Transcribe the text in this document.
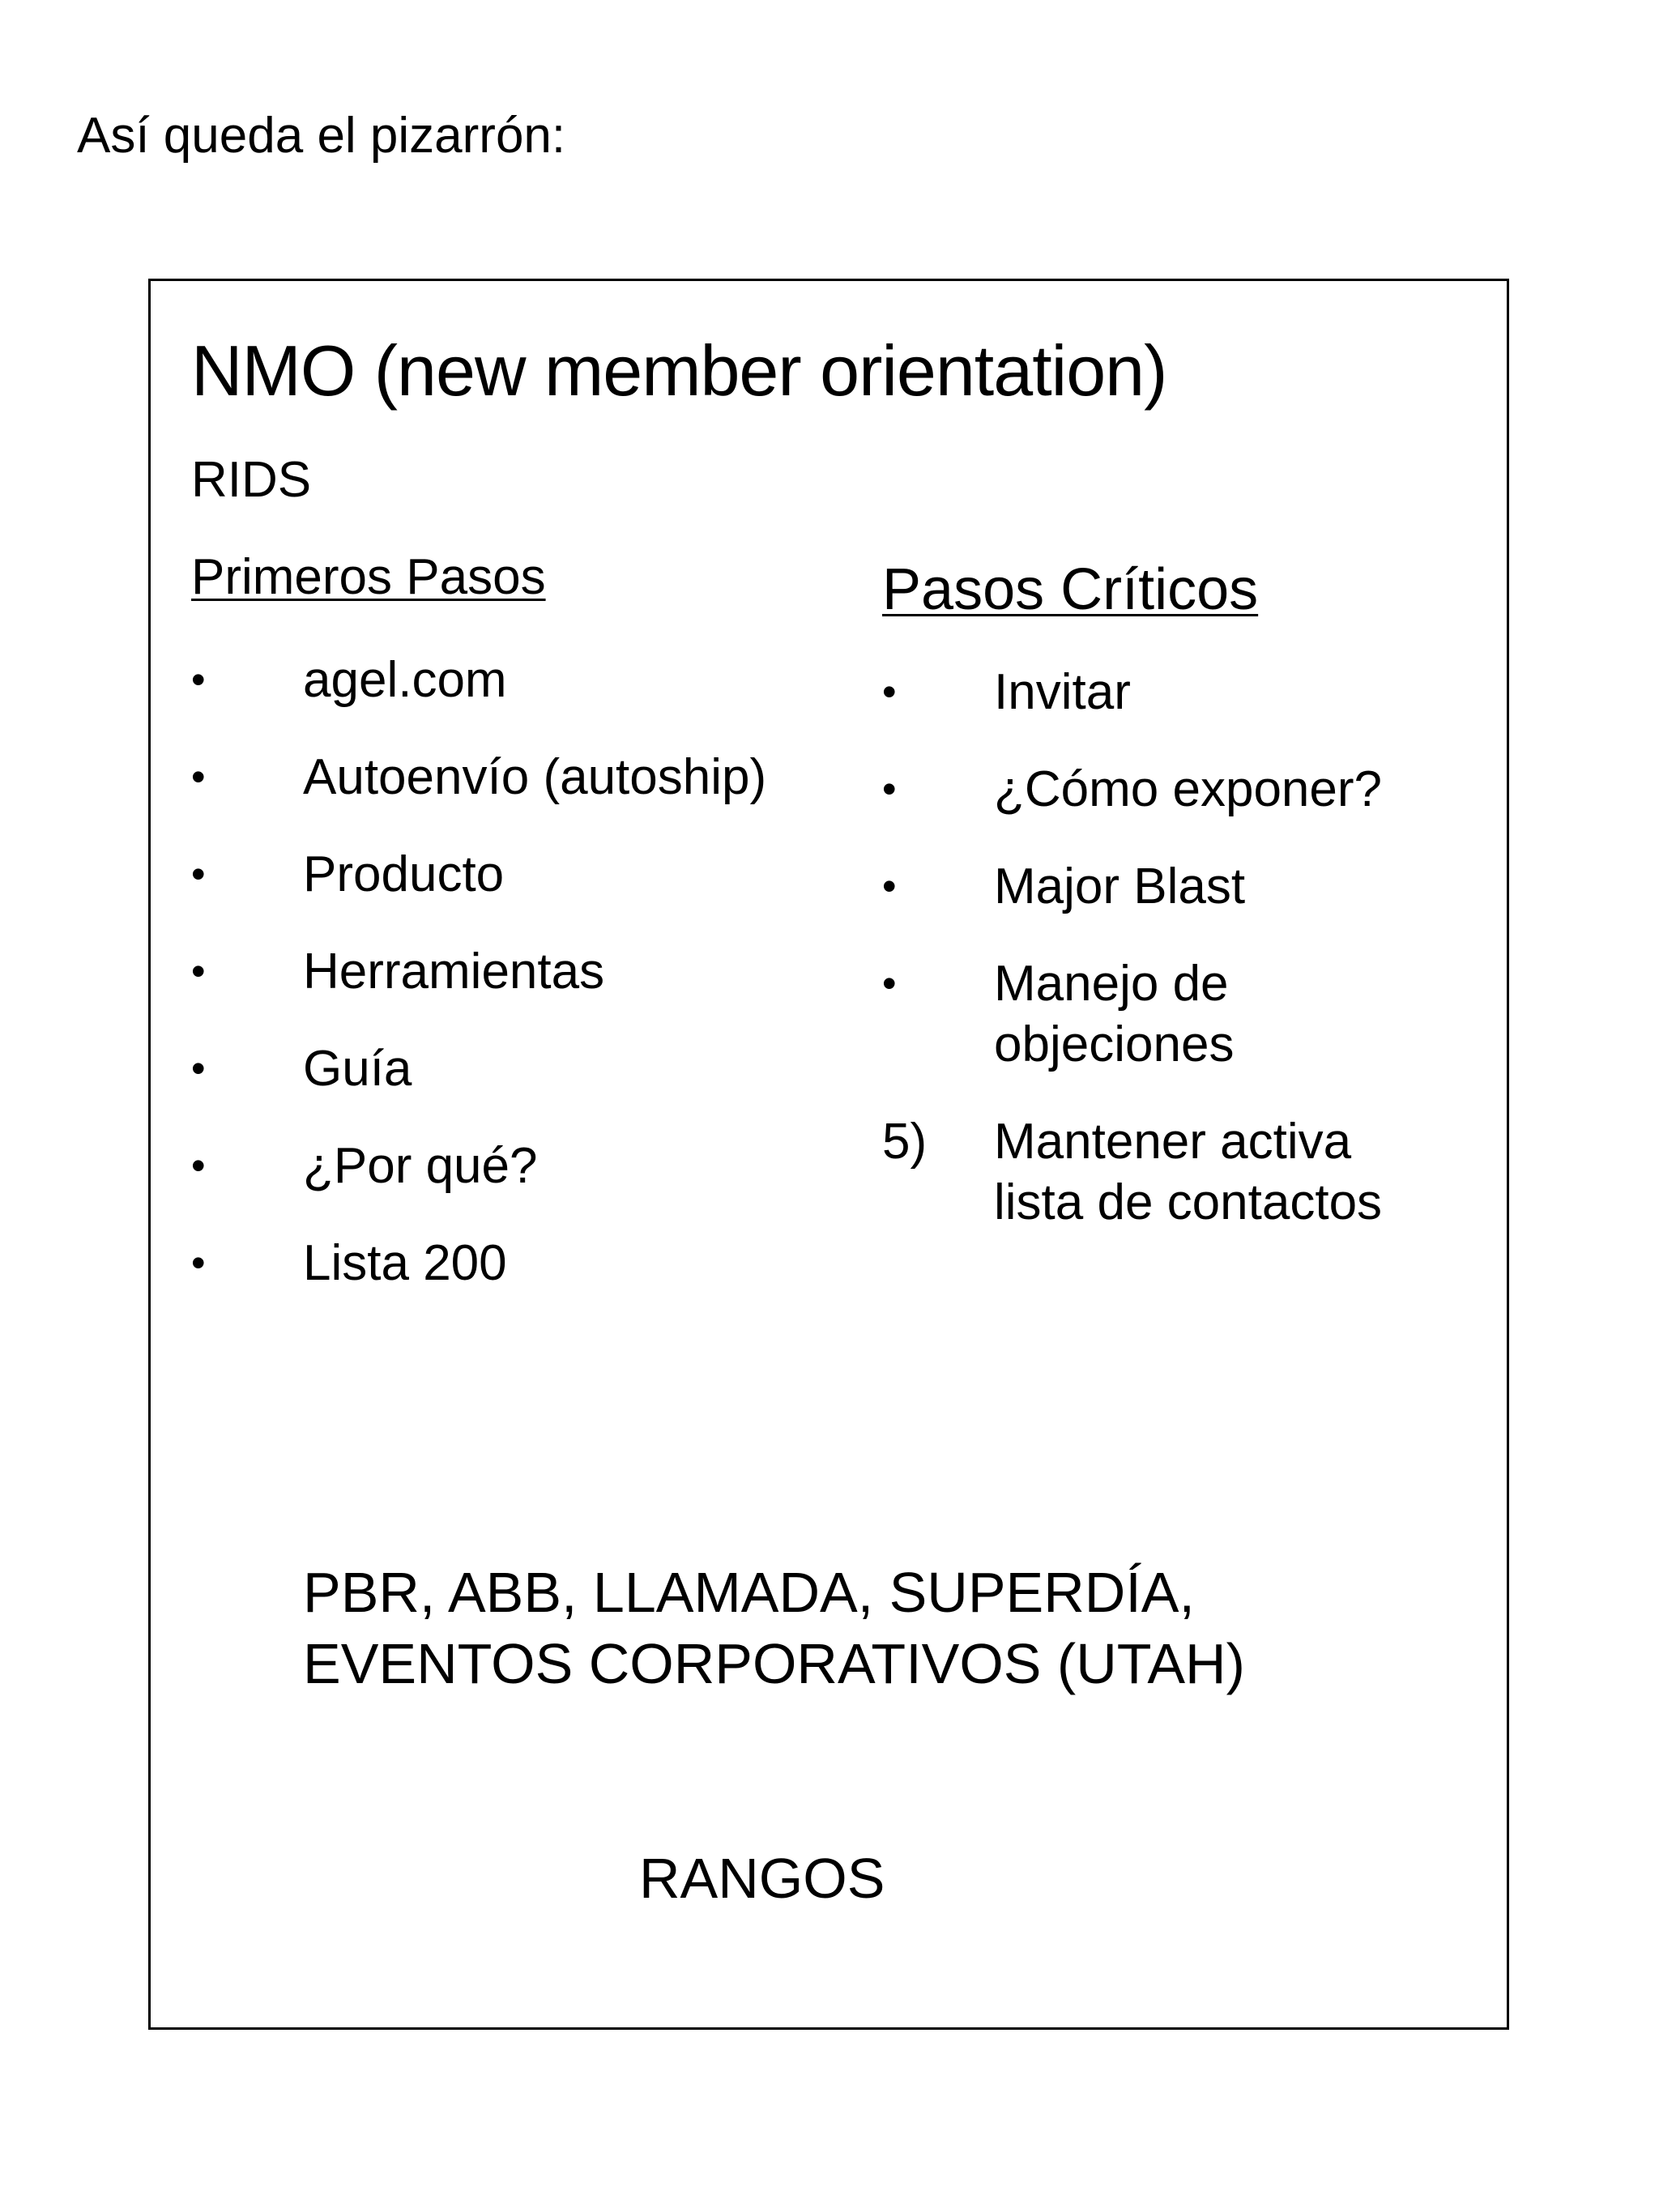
Así queda el pizarrón:
NMO (new member orientation)
RIDS
Primeros Pasos
• agel.com
• Autoenvío (autoship)
• Producto
• Herramientas
• Guía
• ¿Por qué?
• Lista 200
Pasos Críticos
• Invitar
• ¿Cómo exponer?
• Major Blast
• Manejo de
objeciones
5) Mantener activa
lista de contactos
PBR, ABB, LLAMADA, SUPERDÍA,
EVENTOS CORPORATIVOS (UTAH)
RANGOS
